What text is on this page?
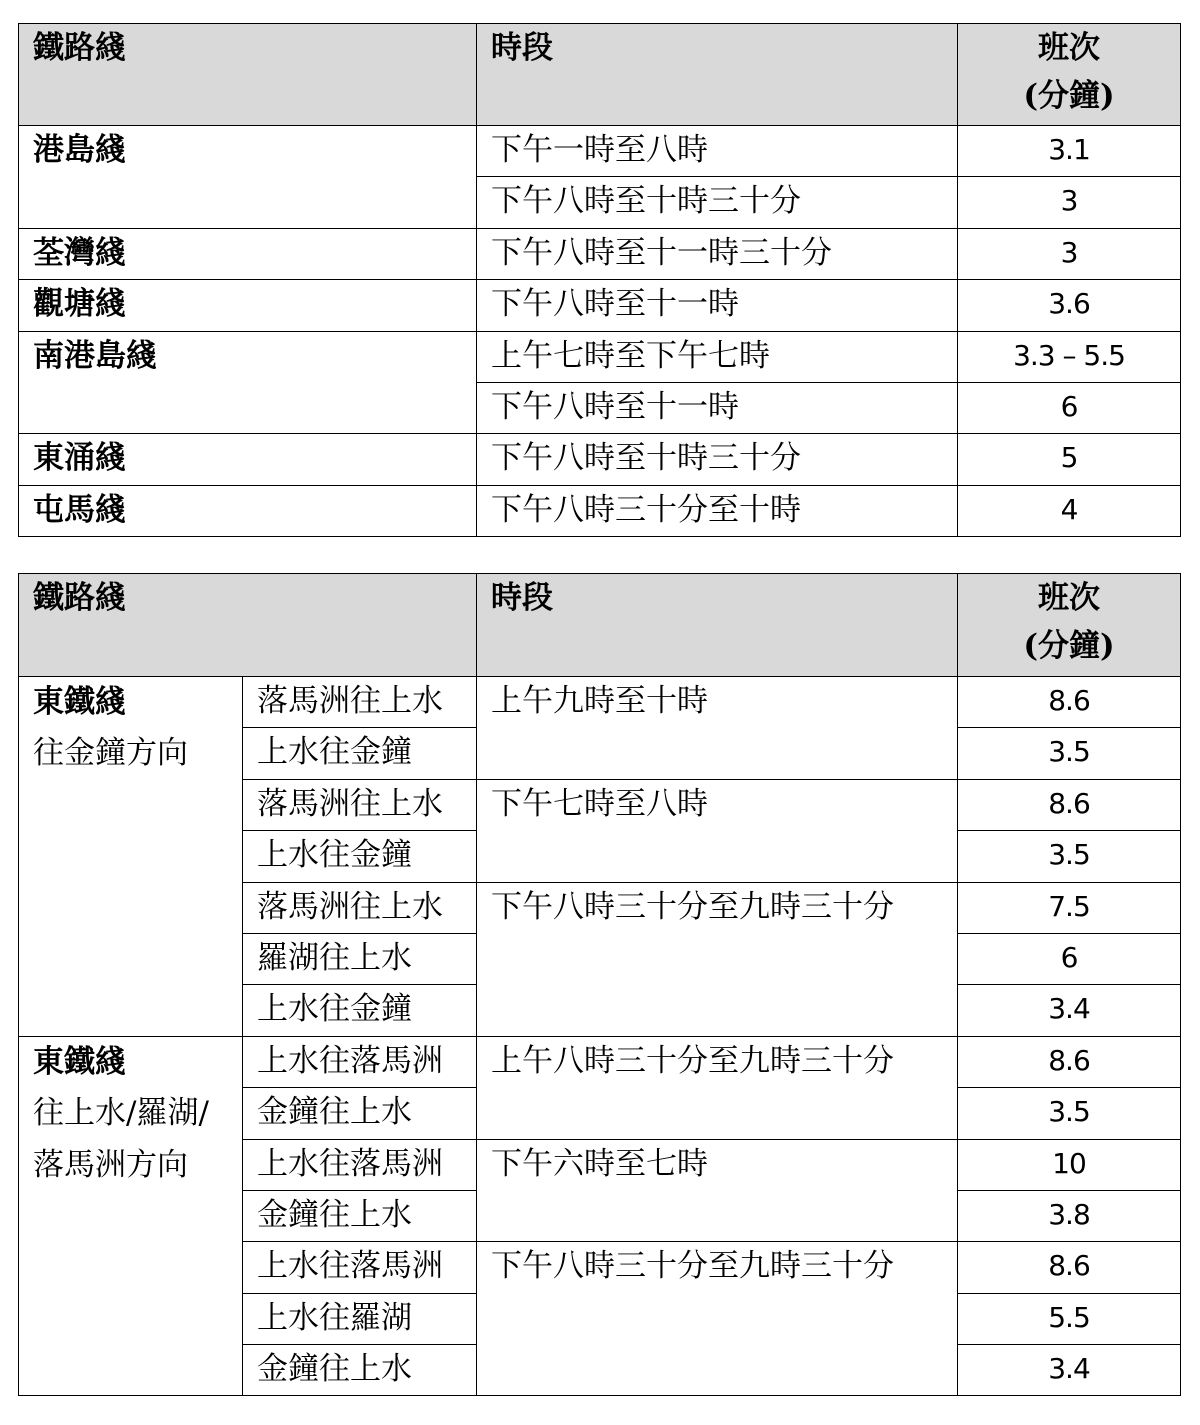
鐵路綫	時段	班次
(分鐘)

港島綫	下午一時至八時	3.1

	下午八時至十時三十分	3

荃灣綫	下午八時至十一時三十分	3

觀塘綫	下午八時至十一時	3.6

南港島綫	上午七時至下午七時	3.3 – 5.5

	下午八時至十一時	6

東涌綫	下午八時至十時三十分	5

屯馬綫	下午八時三十分至十時	4
鐵路綫		時段	班次
(分鐘)

東鐵綫
往金鐘方向	落馬洲往上水	上午九時至十時	8.6

	上水往金鐘		3.5

	落馬洲往上水	下午七時至八時	8.6

	上水往金鐘		3.5

	落馬洲往上水	下午八時三十分至九時三十分	7.5

	羅湖往上水		6

	上水往金鐘		3.4

東鐵綫
往上水/羅湖/
落馬洲方向	上水往落馬洲	上午八時三十分至九時三十分	8.6

	金鐘往上水		3.5

	上水往落馬洲	下午六時至七時	10

	金鐘往上水		3.8

	上水往落馬洲	下午八時三十分至九時三十分	8.6

	上水往羅湖		5.5

	金鐘往上水		3.4
